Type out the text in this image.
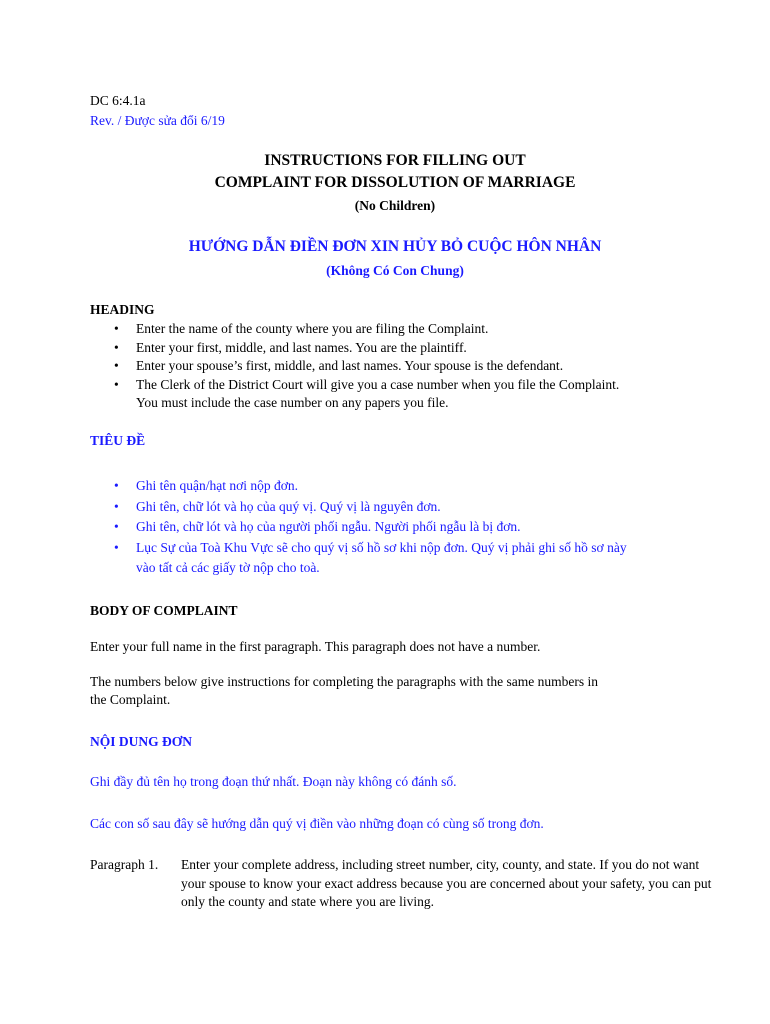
DC 6:4.1a
Rev. / Được sửa đổi 6/19
INSTRUCTIONS FOR FILLING OUT
COMPLAINT FOR DISSOLUTION OF MARRIAGE
(No Children)
HƯỚNG DẪN ĐIỀN ĐƠN XIN HỦY BỎ CUỘC HÔN NHÂN
(Không Có Con Chung)
HEADING
• Enter the name of the county where you are filing the Complaint.
• Enter your first, middle, and last names. You are the plaintiff.
• Enter your spouse’s first, middle, and last names. Your spouse is the defendant.
• The Clerk of the District Court will give you a case number when you file the Complaint.
You must include the case number on any papers you file.
TIÊU ĐỀ
• Ghi tên quận/hạt nơi nộp đơn.
• Ghi tên, chữ lót và họ của quý vị. Quý vị là nguyên đơn.
• Ghi tên, chữ lót và họ của người phối ngẫu. Người phối ngẫu là bị đơn.
• Lục Sự của Toà Khu Vực sẽ cho quý vị số hồ sơ khi nộp đơn. Quý vị phải ghi số hồ sơ này
vào tất cả các giấy tờ nộp cho toà.
BODY OF COMPLAINT
Enter your full name in the first paragraph. This paragraph does not have a number.
The numbers below give instructions for completing the paragraphs with the same numbers in
the Complaint.
NỘI DUNG ĐƠN
Ghi đầy đủ tên họ trong đoạn thứ nhất. Đoạn này không có đánh số.
Các con số sau đây sẽ hướng dẫn quý vị điền vào những đoạn có cùng số trong đơn.
Paragraph 1. Enter your complete address, including street number, city, county, and state. If you do not want your spouse to know your exact address because you are concerned about your safety, you can put only the county and state where you are living.
